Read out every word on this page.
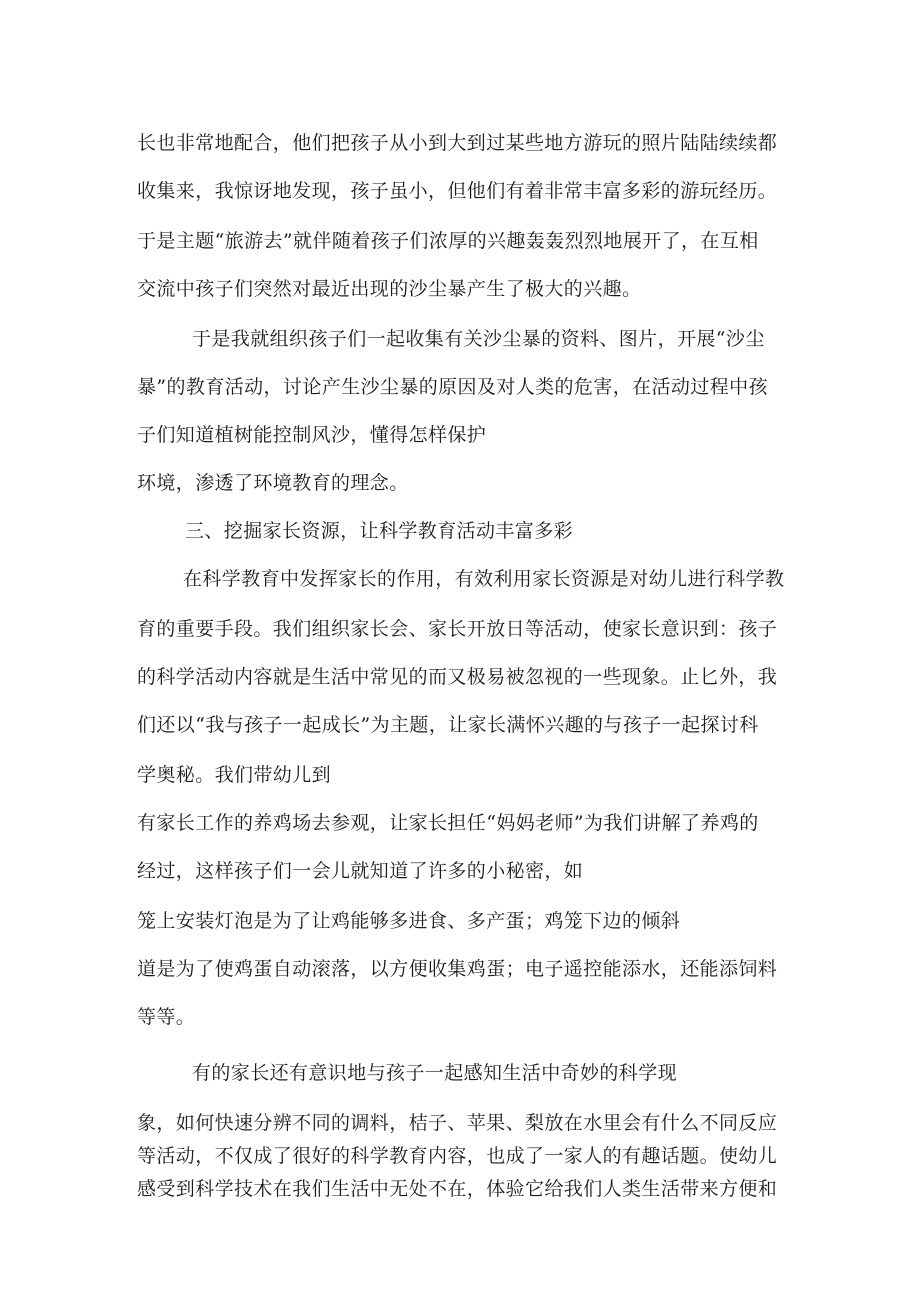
长也非常地配合，他们把孩子从小到大到过某些地方游玩的照片陆陆续续都

收集来，我惊讶地发现，孩子虽小，但他们有着非常丰富多彩的游玩经历。

于是主题“旅游去”就伴随着孩子们浓厚的兴趣轰轰烈烈地展开了，在互相

交流中孩子们突然对最近出现的沙尘暴产生了极大的兴趣。

于是我就组织孩子们一起收集有关沙尘暴的资料、图片，开展“沙尘

暴”的教育活动，讨论产生沙尘暴的原因及对人类的危害，在活动过程中孩

子们知道植树能控制风沙，懂得怎样保护

环境，渗透了环境教育的理念。

三、挖掘家长资源，让科学教育活动丰富多彩

在科学教育中发挥家长的作用，有效利用家长资源是对幼儿进行科学教

育的重要手段。我们组织家长会、家长开放日等活动，使家长意识到：孩子

的科学活动内容就是生活中常见的而又极易被忽视的一些现象。止匕外，我

们还以“我与孩子一起成长”为主题，让家长满怀兴趣的与孩子一起探讨科

学奥秘。我们带幼儿到

有家长工作的养鸡场去参观，让家长担任“妈妈老师”为我们讲解了养鸡的

经过，这样孩子们一会儿就知道了许多的小秘密，如

笼上安装灯泡是为了让鸡能够多进食、多产蛋；鸡笼下边的倾斜

道是为了使鸡蛋自动滚落，以方便收集鸡蛋；电子遥控能添水，还能添饲料

等等。

有的家长还有意识地与孩子一起感知生活中奇妙的科学现

象，如何快速分辨不同的调料，桔子、苹果、梨放在水里会有什么不同反应

等活动，不仅成了很好的科学教育内容，也成了一家人的有趣话题。使幼儿

感受到科学技术在我们生活中无处不在，体验它给我们人类生活带来方便和
